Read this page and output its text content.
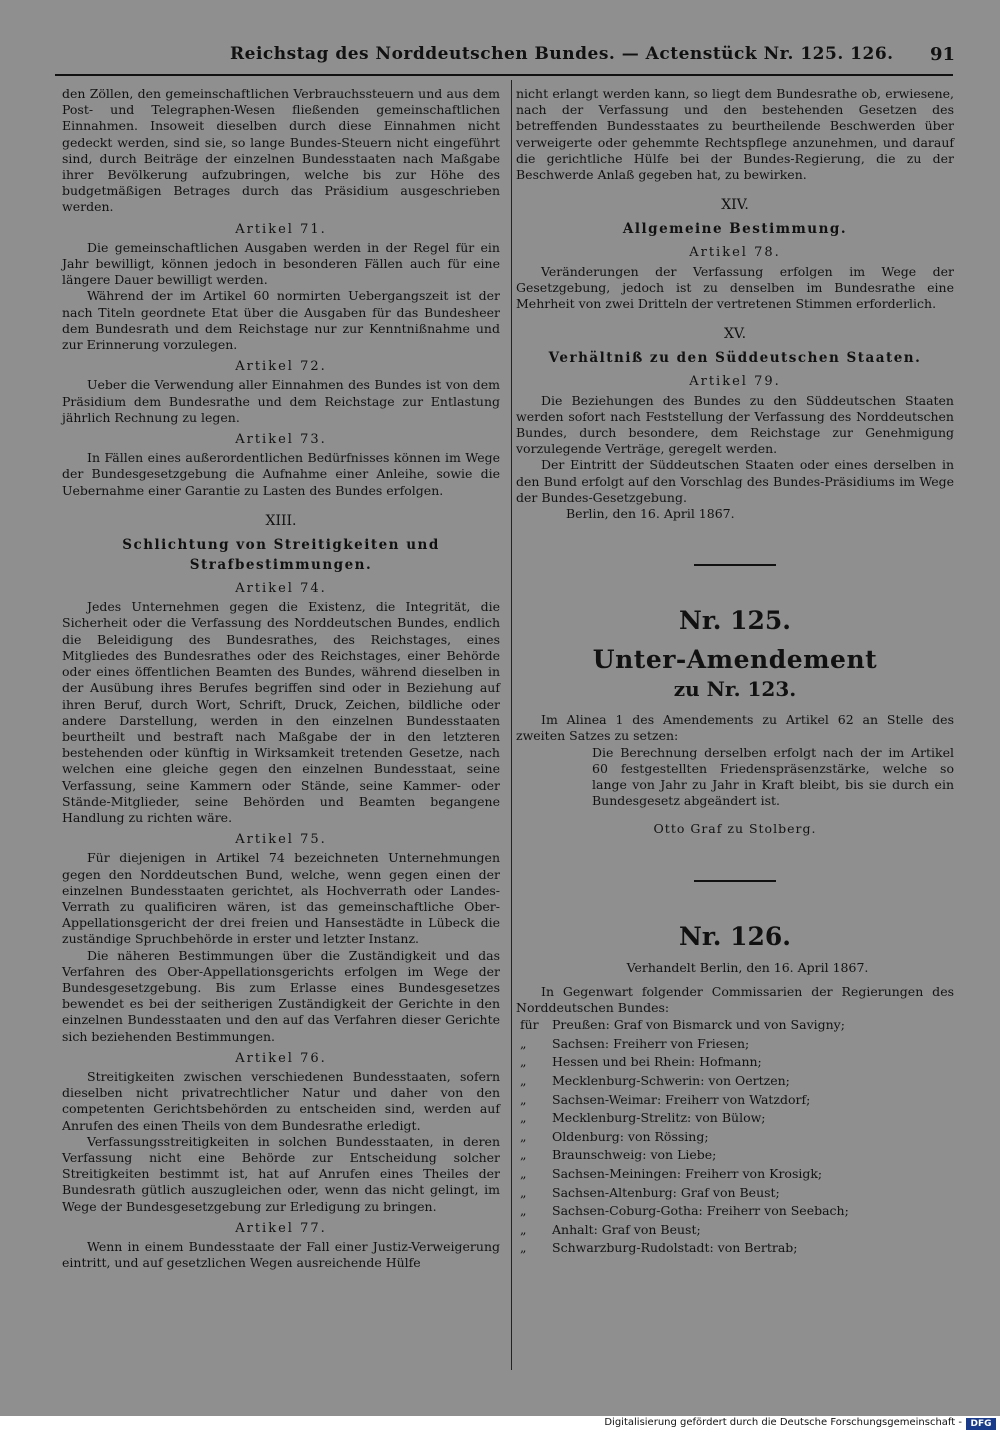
Reichstag des Norddeutschen Bundes. — Actenstück Nr. 125. 126. 91

den Zöllen, den gemeinschaftlichen Verbrauchssteuern und aus dem Post- und Telegraphen-Wesen fließenden gemeinschaftlichen Einnahmen. Insoweit dieselben durch diese Einnahmen nicht gedeckt werden, sind sie, so lange Bundes-Steuern nicht eingeführt sind, durch Beiträge der einzelnen Bundesstaaten nach Maßgabe ihrer Bevölkerung aufzubringen, welche bis zur Höhe des budgetmäßigen Betrages durch das Präsidium ausgeschrieben werden.

Artikel 71.

Die gemeinschaftlichen Ausgaben werden in der Regel für ein Jahr bewilligt, können jedoch in besonderen Fällen auch für eine längere Dauer bewilligt werden.

Während der im Artikel 60 normirten Uebergangszeit ist der nach Titeln geordnete Etat über die Ausgaben für das Bundesheer dem Bundesrath und dem Reichstage nur zur Kenntnißnahme und zur Erinnerung vorzulegen.

Artikel 72.

Ueber die Verwendung aller Einnahmen des Bundes ist von dem Präsidium dem Bundesrathe und dem Reichstage zur Entlastung jährlich Rechnung zu legen.

Artikel 73.

In Fällen eines außerordentlichen Bedürfnisses können im Wege der Bundesgesetzgebung die Aufnahme einer Anleihe, sowie die Uebernahme einer Garantie zu Lasten des Bundes erfolgen.

XIII.
Schlichtung von Streitigkeiten und Strafbestimmungen.
Artikel 74.

Jedes Unternehmen gegen die Existenz, die Integrität, die Sicherheit oder die Verfassung des Norddeutschen Bundes, endlich die Beleidigung des Bundesrathes, des Reichstages, eines Mitgliedes des Bundesrathes oder des Reichstages, einer Behörde oder eines öffentlichen Beamten des Bundes, während dieselben in der Ausübung ihres Berufes begriffen sind oder in Beziehung auf ihren Beruf, durch Wort, Schrift, Druck, Zeichen, bildliche oder andere Darstellung, werden in den einzelnen Bundesstaaten beurtheilt und bestraft nach Maßgabe der in den letzteren bestehenden oder künftig in Wirksamkeit tretenden Gesetze, nach welchen eine gleiche gegen den einzelnen Bundesstaat, seine Verfassung, seine Kammern oder Stände, seine Kammer- oder Stände-Mitglieder, seine Behörden und Beamten begangene Handlung zu richten wäre.

Artikel 75.

Für diejenigen in Artikel 74 bezeichneten Unternehmungen gegen den Norddeutschen Bund, welche, wenn gegen einen der einzelnen Bundesstaaten gerichtet, als Hochverrath oder Landes-Verrath zu qualificiren wären, ist das gemeinschaftliche Ober-Appellationsgericht der drei freien und Hansestädte in Lübeck die zuständige Spruchbehörde in erster und letzter Instanz.

Die näheren Bestimmungen über die Zuständigkeit und das Verfahren des Ober-Appellationsgerichts erfolgen im Wege der Bundesgesetzgebung. Bis zum Erlasse eines Bundesgesetzes bewendet es bei der seitherigen Zuständigkeit der Gerichte in den einzelnen Bundesstaaten und den auf das Verfahren dieser Gerichte sich beziehenden Bestimmungen.

Artikel 76.

Streitigkeiten zwischen verschiedenen Bundesstaaten, sofern dieselben nicht privatrechtlicher Natur und daher von den competenten Gerichtsbehörden zu entscheiden sind, werden auf Anrufen des einen Theils von dem Bundesrathe erledigt.

Verfassungsstreitigkeiten in solchen Bundesstaaten, in deren Verfassung nicht eine Behörde zur Entscheidung solcher Streitigkeiten bestimmt ist, hat auf Anrufen eines Theiles der Bundesrath gütlich auszugleichen oder, wenn das nicht gelingt, im Wege der Bundesgesetzgebung zur Erledigung zu bringen.

Artikel 77.

Wenn in einem Bundesstaate der Fall einer Justiz-Verweigerung eintritt, und auf gesetzlichen Wegen ausreichende Hülfe

nicht erlangt werden kann, so liegt dem Bundesrathe ob, erwiesene, nach der Verfassung und den bestehenden Gesetzen des betreffenden Bundesstaates zu beurtheilende Beschwerden über verweigerte oder gehemmte Rechtspflege anzunehmen, und darauf die gerichtliche Hülfe bei der Bundes-Regierung, die zu der Beschwerde Anlaß gegeben hat, zu bewirken.

XIV.
Allgemeine Bestimmung.
Artikel 78.

Veränderungen der Verfassung erfolgen im Wege der Gesetzgebung, jedoch ist zu denselben im Bundesrathe eine Mehrheit von zwei Dritteln der vertretenen Stimmen erforderlich.

XV.
Verhältniß zu den Süddeutschen Staaten.
Artikel 79.

Die Beziehungen des Bundes zu den Süddeutschen Staaten werden sofort nach Feststellung der Verfassung des Norddeutschen Bundes, durch besondere, dem Reichstage zur Genehmigung vorzulegende Verträge, geregelt werden.

Der Eintritt der Süddeutschen Staaten oder eines derselben in den Bund erfolgt auf den Vorschlag des Bundes-Präsidiums im Wege der Bundes-Gesetzgebung.

Berlin, den 16. April 1867.

Nr. 125.
Unter-Amendement
zu Nr. 123.

Im Alinea 1 des Amendements zu Artikel 62 an Stelle des zweiten Satzes zu setzen:

Die Berechnung derselben erfolgt nach der im Artikel 60 festgestellten Friedenspräsenzstärke, welche so lange von Jahr zu Jahr in Kraft bleibt, bis sie durch ein Bundesgesetz abgeändert ist.

Otto Graf zu Stolberg.
Nr. 126.

Verhandelt Berlin, den 16. April 1867.

In Gegenwart folgender Commissarien der Regierungen des Norddeutschen Bundes:

für	Preußen: Graf von Bismarck und von Savigny;
„	Sachsen: Freiherr von Friesen;
„	Hessen und bei Rhein: Hofmann;
„	Mecklenburg-Schwerin: von Oertzen;
„	Sachsen-Weimar: Freiherr von Watzdorf;
„	Mecklenburg-Strelitz: von Bülow;
„	Oldenburg: von Rössing;
„	Braunschweig: von Liebe;
„	Sachsen-Meiningen: Freiherr von Krosigk;
„	Sachsen-Altenburg: Graf von Beust;
„	Sachsen-Coburg-Gotha: Freiherr von Seebach;
„	Anhalt: Graf von Beust;
„	Schwarzburg-Rudolstadt: von Bertrab;
Digitalisierung gefördert durch die Deutsche Forschungsgemeinschaft - DFG
